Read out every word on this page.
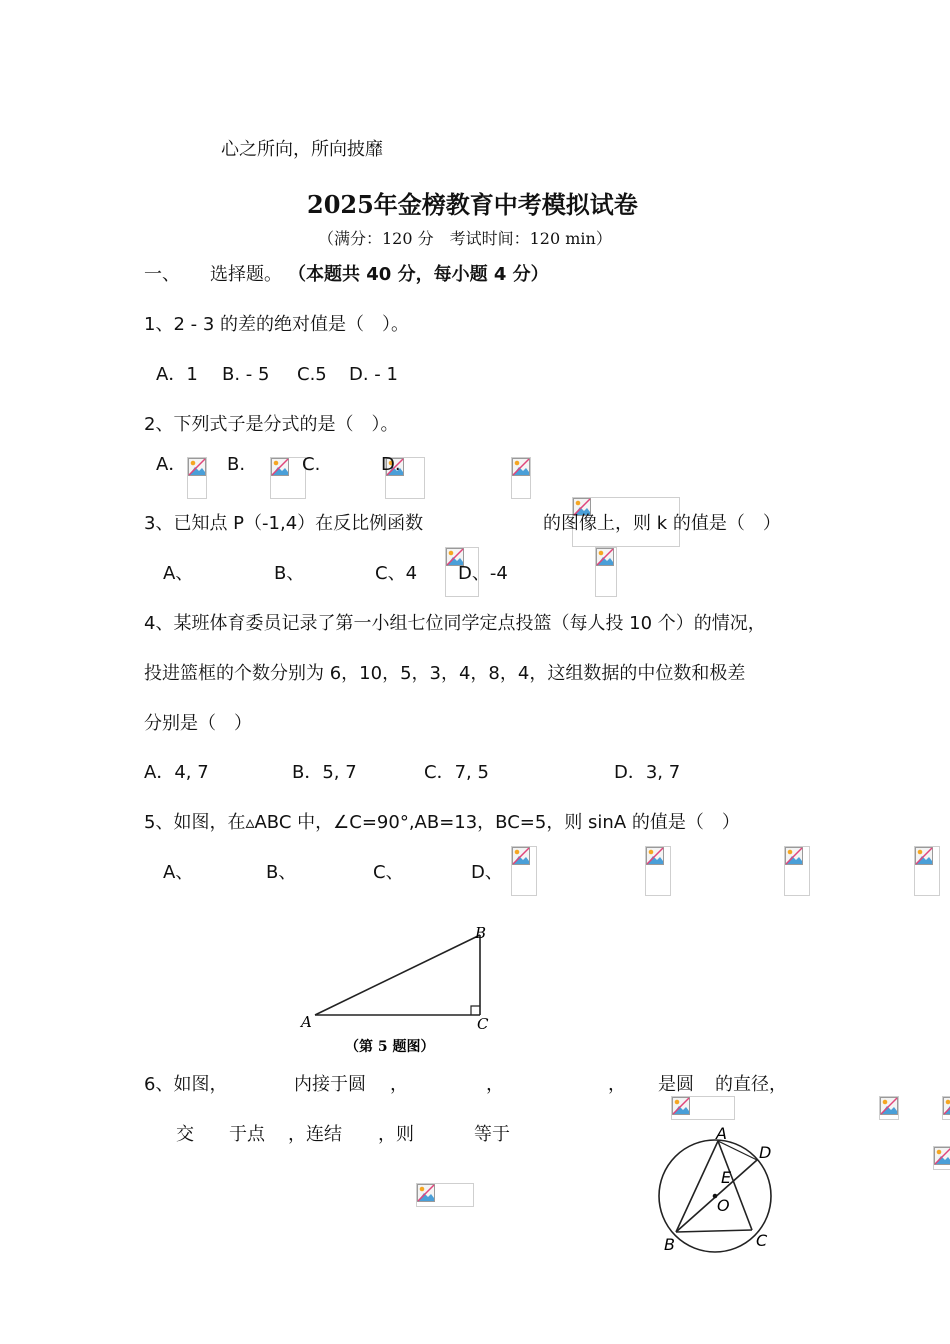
心之所向，所向披靡
2025年金榜教育中考模拟试卷
（满分：120 分　考试时间：120 min）
一、 选择题。 （本题共 40 分，每小题 4 分）
1、2 - 3 的差的绝对值是（　）。
A．1 B. - 5 C.5 D. - 1
2、下列式子是分式的是（　）。
A．
B.
	C.
	D.

3、已知点 P（-1,4）在反比例函数
	的图像上，则 k 的值是（　）
A、
	B、
	C、4 D、-4
4、某班体育委员记录了第一小组七位同学定点投篮（每人投 10 个）的情况，
投进篮框的个数分别为 6，10，5，3，4，8，4，这组数据的中位数和极差
分别是（　）
A．4, 7	B．5, 7	C．7, 5	D．3, 7
5、如图，在▵ABC 中，∠C=90°,AB=13，BC=5，则 sinA 的值是（　）
A、
	B、
	C、
	D、

A
B
C
（第 5 题图）
6、如图，
	内接于圆
，
	，
	，
是圆
的直径，

交
于点
，连结
，则	等于	A
D
E
O
B	C
